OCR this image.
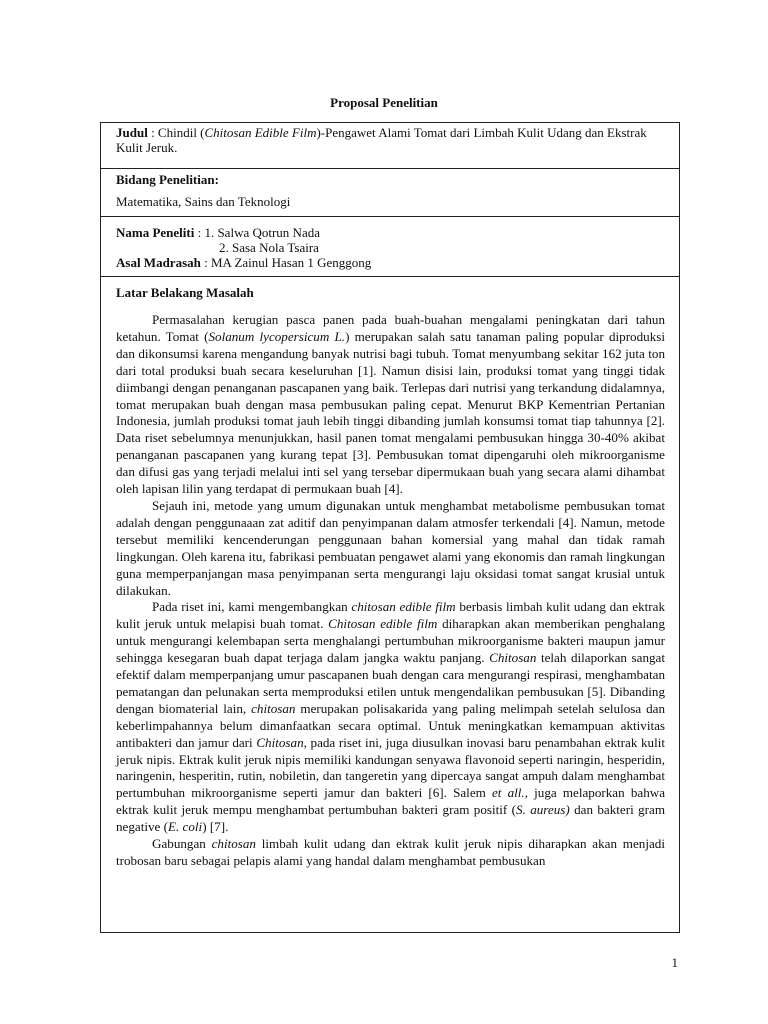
Proposal Penelitian
Judul : Chindil (Chitosan Edible Film)-Pengawet Alami Tomat dari Limbah Kulit Udang dan Ekstrak Kulit Jeruk.
Bidang Penelitian:
Matematika, Sains dan Teknologi
Nama Peneliti : 1. Salwa Qotrun Nada
2. Sasa Nola Tsaira
Asal Madrasah : MA Zainul Hasan 1 Genggong
Latar Belakang Masalah

Permasalahan kerugian pasca panen pada buah-buahan mengalami peningkatan dari tahun ketahun. Tomat (Solanum lycopersicum L.) merupakan salah satu tanaman paling popular diproduksi dan dikonsumsi karena mengandung banyak nutrisi bagi tubuh. Tomat menyumbang sekitar 162 juta ton dari total produksi buah secara keseluruhan [1]. Namun disisi lain, produksi tomat yang tinggi tidak diimbangi dengan penanganan pascapanen yang baik. Terlepas dari nutrisi yang terkandung didalamnya, tomat merupakan buah dengan masa pembusukan paling cepat. Menurut BKP Kementrian Pertanian Indonesia, jumlah produksi tomat jauh lebih tinggi dibanding jumlah konsumsi tomat tiap tahunnya [2]. Data riset sebelumnya menunjukkan, hasil panen tomat mengalami pembusukan hingga 30-40% akibat penanganan pascapanen yang kurang tepat [3]. Pembusukan tomat dipengaruhi oleh mikroorganisme dan difusi gas yang terjadi melalui inti sel yang tersebar dipermukaan buah yang secara alami dihambat oleh lapisan lilin yang terdapat di permukaan buah [4].

Sejauh ini, metode yang umum digunakan untuk menghambat metabolisme pembusukan tomat adalah dengan penggunaaan zat aditif dan penyimpanan dalam atmosfer terkendali [4]. Namun, metode tersebut memiliki kencenderungan penggunaan bahan komersial yang mahal dan tidak ramah lingkungan. Oleh karena itu, fabrikasi pembuatan pengawet alami yang ekonomis dan ramah lingkungan guna memperpanjangan masa penyimpanan serta mengurangi laju oksidasi tomat sangat krusial untuk dilakukan.

Pada riset ini, kami mengembangkan chitosan edible film berbasis limbah kulit udang dan ektrak kulit jeruk untuk melapisi buah tomat. Chitosan edible film diharapkan akan memberikan penghalang untuk mengurangi kelembapan serta menghalangi pertumbuhan mikroorganisme bakteri maupun jamur sehingga kesegaran buah dapat terjaga dalam jangka waktu panjang. Chitosan telah dilaporkan sangat efektif dalam memperpanjang umur pascapanen buah dengan cara mengurangi respirasi, menghambatan pematangan dan pelunakan serta memproduksi etilen untuk mengendalikan pembusukan [5]. Dibanding dengan biomaterial lain, chitosan merupakan polisakarida yang paling melimpah setelah selulosa dan keberlimpahannya belum dimanfaatkan secara optimal. Untuk meningkatkan kemampuan aktivitas antibakteri dan jamur dari Chitosan, pada riset ini, juga diusulkan inovasi baru penambahan ektrak kulit jeruk nipis. Ektrak kulit jeruk nipis memiliki kandungan senyawa flavonoid seperti naringin, hesperidin, naringenin, hesperitin, rutin, nobiletin, dan tangeretin yang dipercaya sangat ampuh dalam menghambat pertumbuhan mikroorganisme seperti jamur dan bakteri [6]. Salem et all., juga melaporkan bahwa ektrak kulit jeruk mempu menghambat pertumbuhan bakteri gram positif (S. aureus) dan bakteri gram negative (E. coli) [7].

Gabungan chitosan limbah kulit udang dan ektrak kulit jeruk nipis diharapkan akan menjadi trobosan baru sebagai pelapis alami yang handal dalam menghambat pembusukan

1
